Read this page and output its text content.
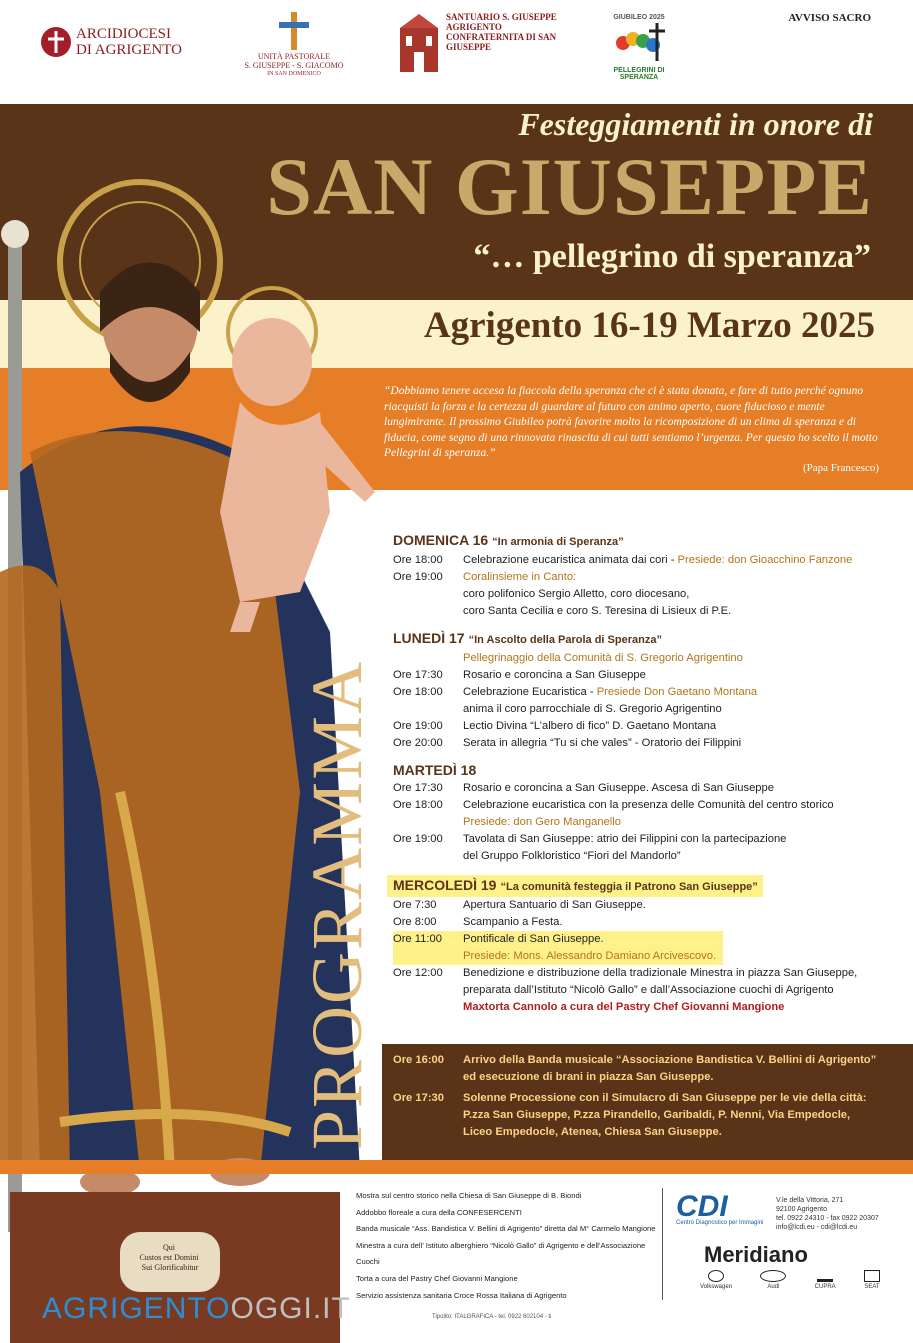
ARCIDIOCESI
DI AGRIGENTO	UNITÀ PASTORALE
S. GIUSEPPE - S. GIACOMO
IN SAN DOMENICO
SANTUARIO S. GIUSEPPE AGRIGENTO CONFRATERNITA DI SAN GIUSEPPE
GIUBILEO 2025
PELLEGRINI DI SPERANZA
AVVISO SACRO
Festeggiamenti in onore di
SAN GIUSEPPE
“… pellegrino di speranza”
Agrigento 16-19 Marzo 2025
“Dobbiamo tenere accesa la fiaccola della speranza che ci è stata donata, e fare di tutto perché ognuno riacquisti la forza e la certezza di guardare al futuro con animo aperto, cuore fiducioso e mente lungimirante. Il prossimo Giubileo potrà favorire molto la ricomposizione di un clima di speranza e di fiducia, come segno di una rinnovata rinascita di cui tutti sentiamo l’urgenza. Per questo ho scelto il motto Pellegrini di speranza.”
(Papa Francesco)
Qui Custos est Domini Sui Glorificabitur
PROGRAMMA
DOMENICA 16 “In armonia di Speranza”
Ore 18:00	Celebrazione eucaristica animata dai cori - Presiede: don Gioacchino Fanzone
Ore 19:00	Coralinsieme in Canto:
coro polifonico Sergio Alletto, coro diocesano,
coro Santa Cecilia e coro S. Teresina di Lisieux di P.E.
LUNEDÌ 17 “In Ascolto della Parola di Speranza”
Pellegrinaggio della Comunità di S. Gregorio Agrigentino
Ore 17:30	Rosario e coroncina a San Giuseppe
Ore 18:00	Celebrazione Eucaristica - Presiede Don Gaetano Montana
anima il coro parrocchiale di S. Gregorio Agrigentino
Ore 19:00	Lectio Divina “L’albero di fico” D. Gaetano Montana
Ore 20:00	Serata in allegria “Tu si che vales” - Oratorio dei Filippini
MARTEDÌ 18
Ore 17:30	Rosario e coroncina a San Giuseppe. Ascesa di San Giuseppe
Ore 18:00	Celebrazione eucaristica con la presenza delle Comunità del centro storico
Presiede: don Gero Manganello
Ore 19:00	Tavolata di San Giuseppe: atrio dei Filippini con la partecipazione
del Gruppo Folkloristico “Fiori del Mandorlo”
MERCOLEDÌ 19 “La comunità festeggia il Patrono San Giuseppe”
Ore 7:30	Apertura Santuario di San Giuseppe.
Ore 8:00	Scampanio a Festa.
Ore 11:00	Pontificale di San Giuseppe.
Presiede: Mons. Alessandro Damiano Arcivescovo.
Ore 12:00	Benedizione e distribuzione della tradizionale Minestra in piazza San Giuseppe,
preparata dall’Istituto “Nicolò Gallo” e dall’Associazione cuochi di Agrigento
Maxtorta Cannolo a cura del Pastry Chef Giovanni Mangione
Ore 16:00	Arrivo della Banda musicale “Associazione Bandistica V. Bellini di Agrigento”
ed esecuzione di brani in piazza San Giuseppe.
Ore 17:30	Solenne Processione con il Simulacro di San Giuseppe per le vie della città:
P.zza San Giuseppe, P.zza Pirandello, Garibaldi, P. Nenni, Via Empedocle,
Liceo Empedocle, Atenea, Chiesa San Giuseppe.
Mostra sul centro storico nella Chiesa di San Giuseppe di B. Biondi
Addobbo floreale a cura della CONFESERCENTI
Banda musicale “Ass. Bandistica V. Bellini di Agrigento” diretta dal M° Carmelo Mangione
Minestra a cura dell’ Istituto alberghiero “Nicolò Gallo” di Agrigento e dell’Associazione Cuochi
Torta a cura del Pastry Chef Giovanni Mangione
Servizio assistenza sanitaria Croce Rossa Italiana di Agrigento
CDI
Centro Diagnostico per Immagini
V.le della Vittoria, 271
92100 Agrigento
tel. 0922 24310 - fax 0922 20307
info@lcdi.eu - cdi@lcdi.eu
Meridiano
Volkswagen	Audi	CUPRA	SEAT
AGRIGENTOOGGI.IT	Tipolito: ITALGRAFICA - tel. 0922 602104 - ti
